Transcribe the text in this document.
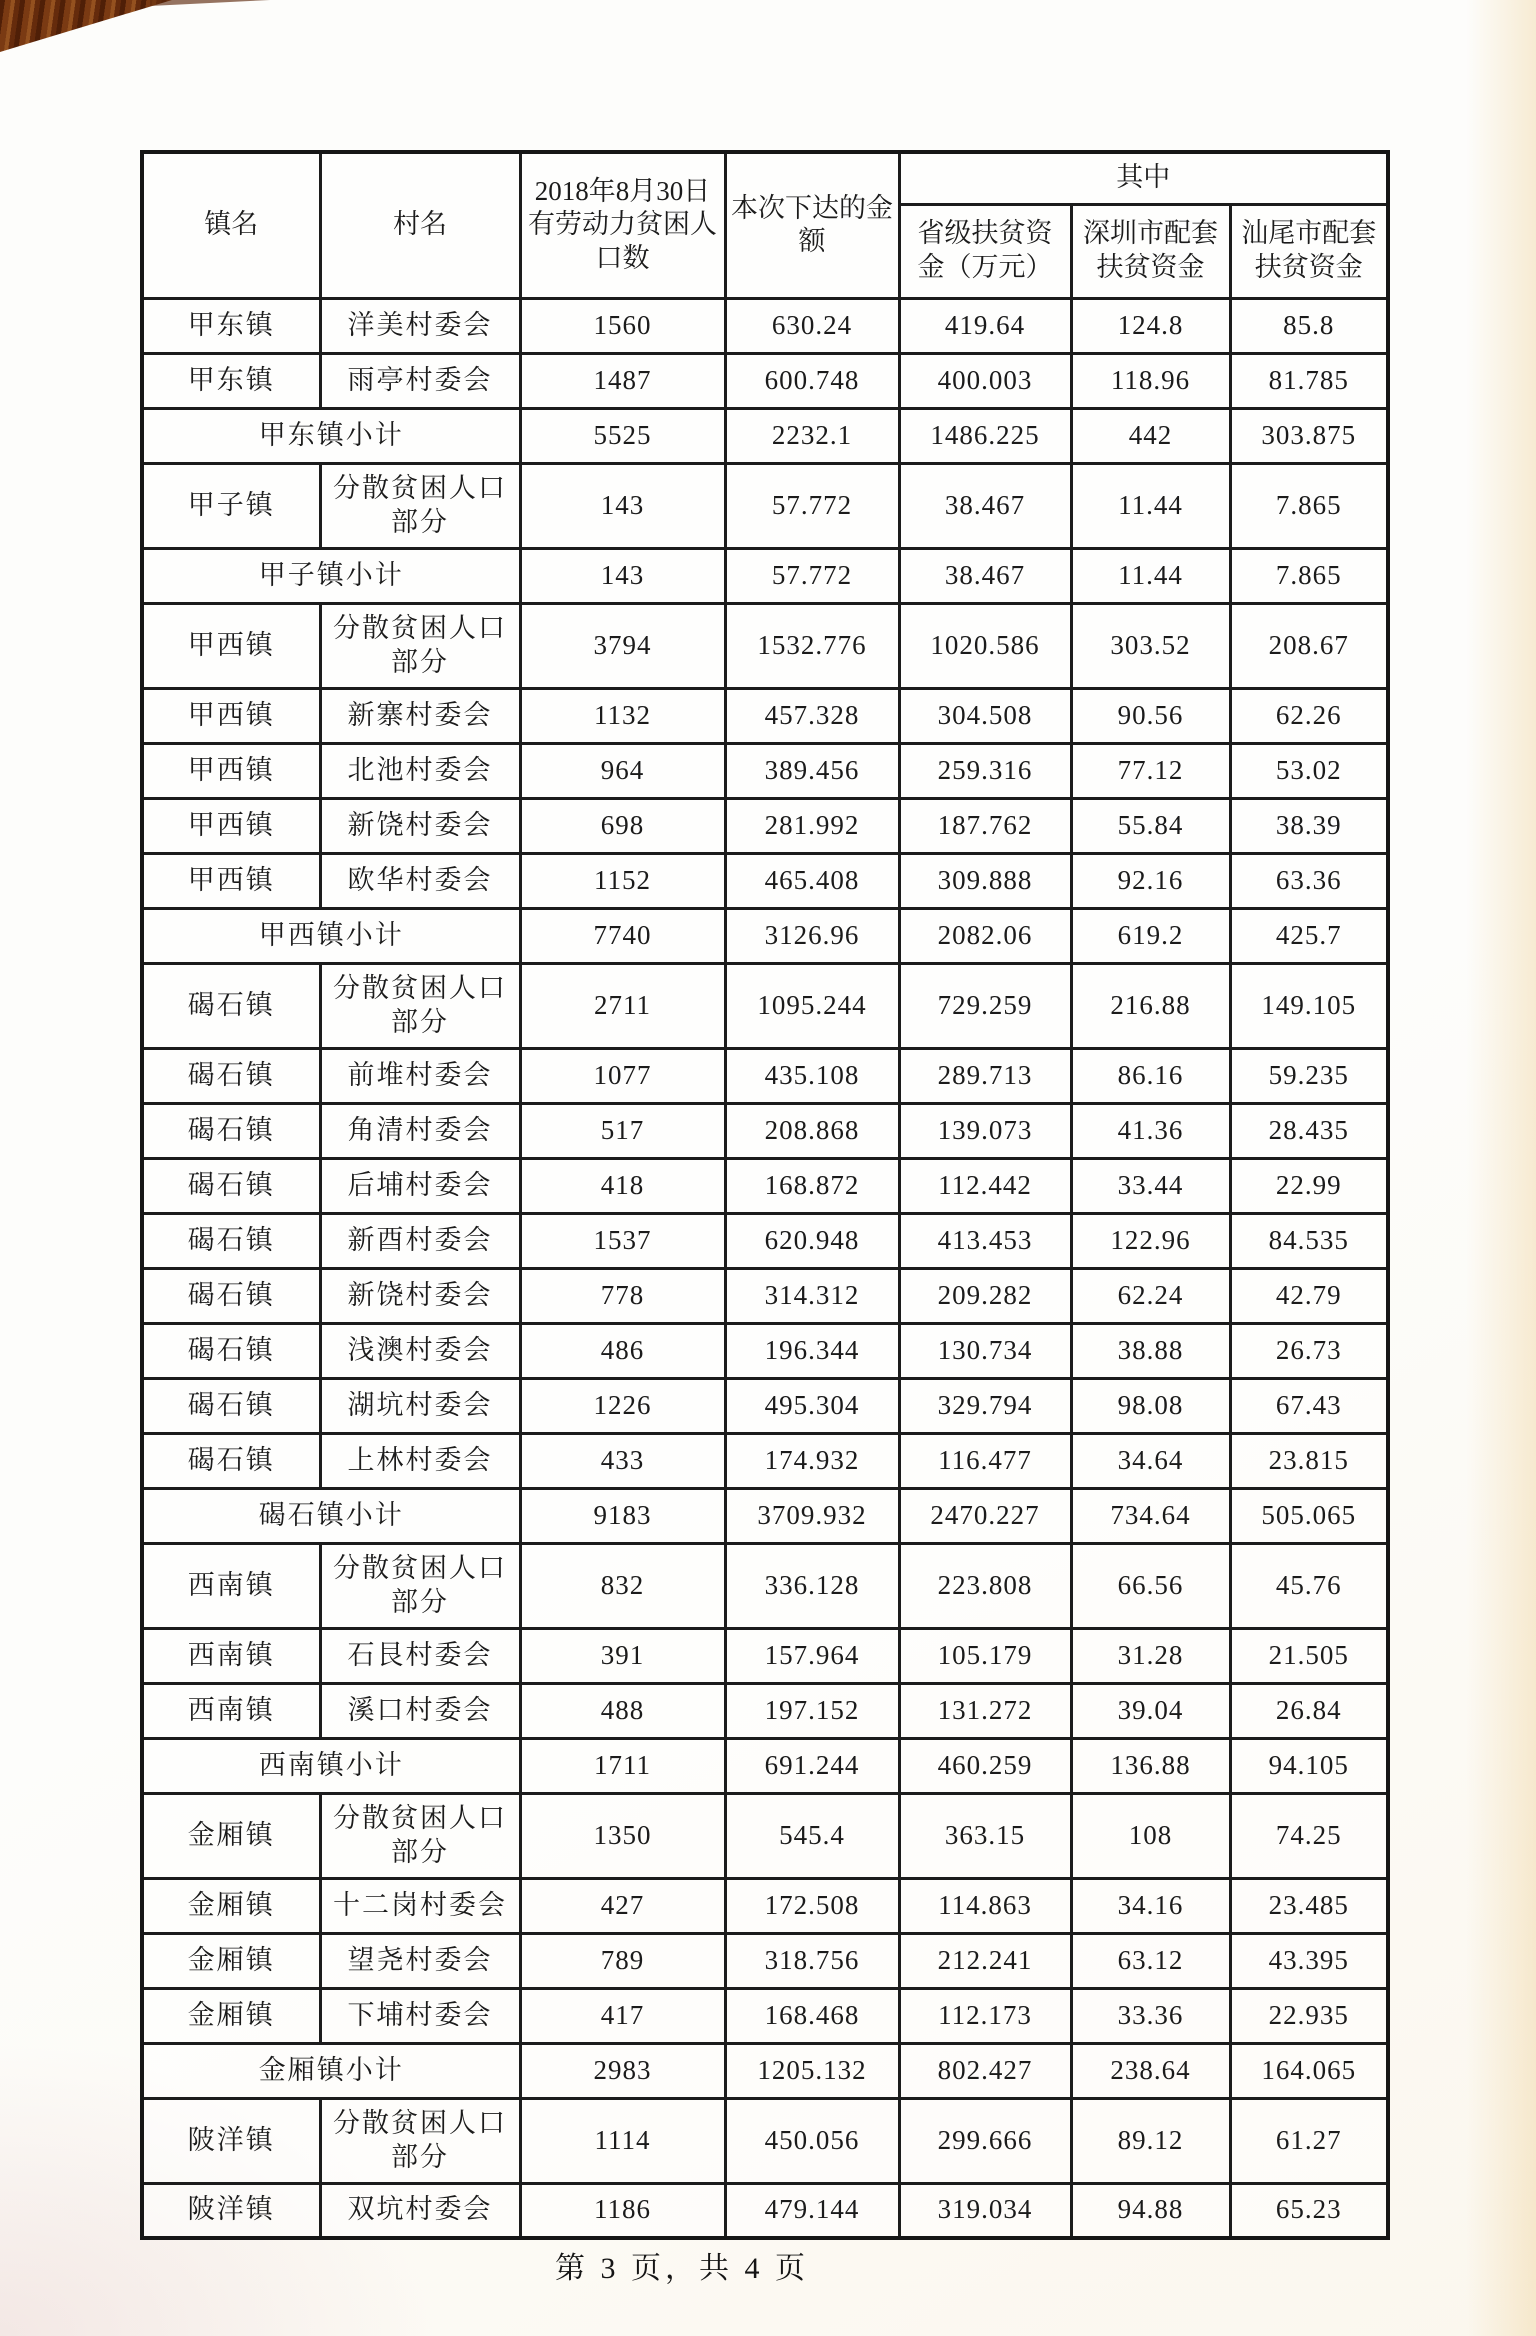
镇名	村名	2018年8月30日有劳动力贫困人口数	本次下达的金额	其中		
				省级扶贫资金（万元）	深圳市配套扶贫资金	汕尾市配套扶贫资金
甲东镇	洋美村委会	1560	630.24	419.64	124.8	85.8
甲东镇	雨亭村委会	1487	600.748	400.003	118.96	81.785
甲东镇小计		5525	2232.1	1486.225	442	303.875
甲子镇	分散贫困人口部分	143	57.772	38.467	11.44	7.865
甲子镇小计		143	57.772	38.467	11.44	7.865
甲西镇	分散贫困人口部分	3794	1532.776	1020.586	303.52	208.67
甲西镇	新寨村委会	1132	457.328	304.508	90.56	62.26
甲西镇	北池村委会	964	389.456	259.316	77.12	53.02
甲西镇	新饶村委会	698	281.992	187.762	55.84	38.39
甲西镇	欧华村委会	1152	465.408	309.888	92.16	63.36
甲西镇小计		7740	3126.96	2082.06	619.2	425.7
碣石镇	分散贫困人口部分	2711	1095.244	729.259	216.88	149.105
碣石镇	前堆村委会	1077	435.108	289.713	86.16	59.235
碣石镇	角清村委会	517	208.868	139.073	41.36	28.435
碣石镇	后埔村委会	418	168.872	112.442	33.44	22.99
碣石镇	新酉村委会	1537	620.948	413.453	122.96	84.535
碣石镇	新饶村委会	778	314.312	209.282	62.24	42.79
碣石镇	浅澳村委会	486	196.344	130.734	38.88	26.73
碣石镇	湖坑村委会	1226	495.304	329.794	98.08	67.43
碣石镇	上林村委会	433	174.932	116.477	34.64	23.815
碣石镇小计		9183	3709.932	2470.227	734.64	505.065
西南镇	分散贫困人口部分	832	336.128	223.808	66.56	45.76
西南镇	石艮村委会	391	157.964	105.179	31.28	21.505
西南镇	溪口村委会	488	197.152	131.272	39.04	26.84
西南镇小计		1711	691.244	460.259	136.88	94.105
金厢镇	分散贫困人口部分	1350	545.4	363.15	108	74.25
金厢镇	十二岗村委会	427	172.508	114.863	34.16	23.485
金厢镇	望尧村委会	789	318.756	212.241	63.12	43.395
金厢镇	下埔村委会	417	168.468	112.173	33.36	22.935
金厢镇小计		2983	1205.132	802.427	238.64	164.065
陂洋镇	分散贫困人口部分	1114	450.056	299.666	89.12	61.27
陂洋镇	双坑村委会	1186	479.144	319.034	94.88	65.23
第 3 页，共 4 页
